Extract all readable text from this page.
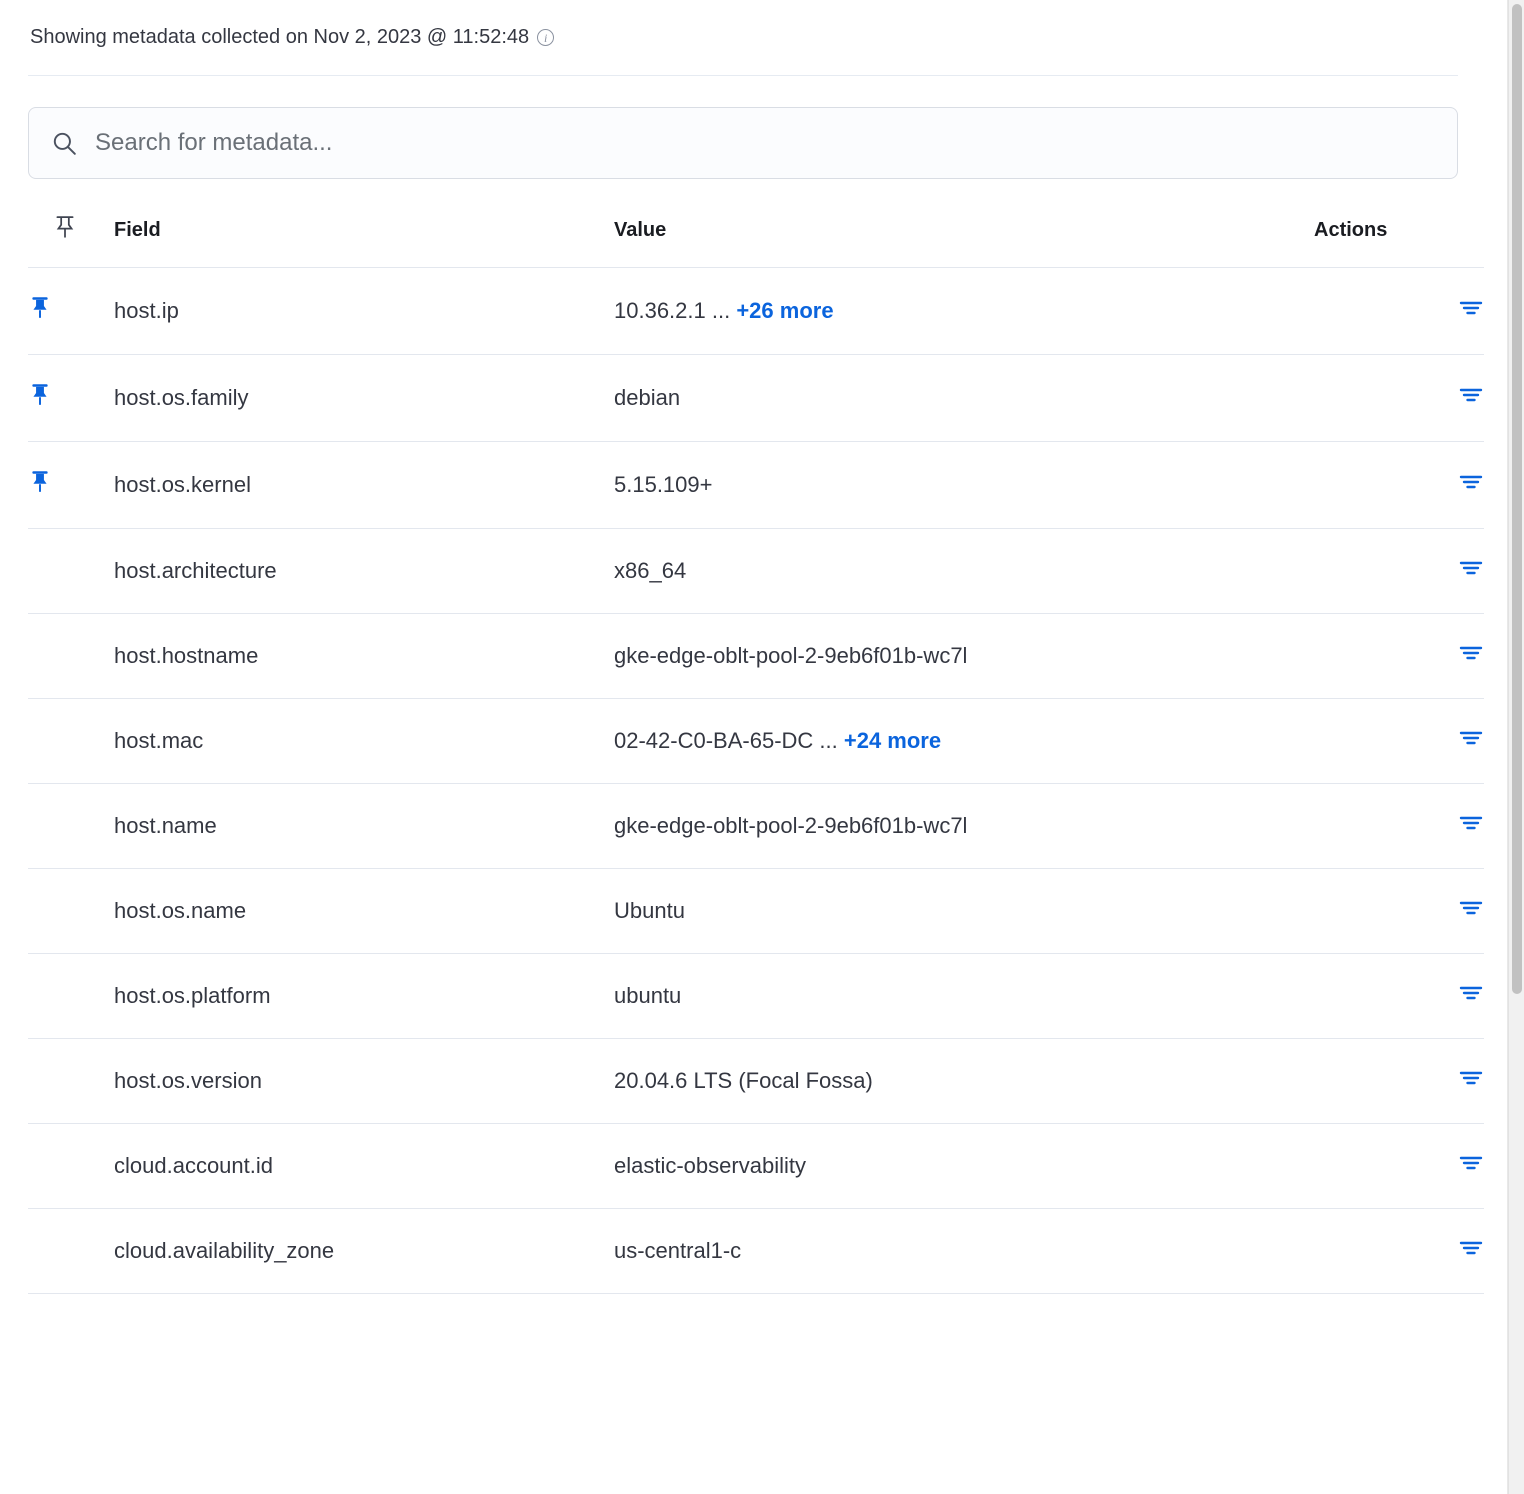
Showing metadata collected on Nov 2, 2023 @ 11:52:48	i
Search for metadata...
	Field	Value	Actions
	host.ip	10.36.2.1 ... +26 more	
	host.os.family	debian	
	host.os.kernel	5.15.109+	
	host.architecture	x86_64	
	host.hostname	gke-edge-oblt-pool-2-9eb6f01b-wc7l	
	host.mac	02-42-C0-BA-65-DC ... +24 more	
	host.name	gke-edge-oblt-pool-2-9eb6f01b-wc7l	
	host.os.name	Ubuntu	
	host.os.platform	ubuntu	
	host.os.version	20.04.6 LTS (Focal Fossa)	
	cloud.account.id	elastic-observability	
	cloud.availability_zone	us-central1-c	
